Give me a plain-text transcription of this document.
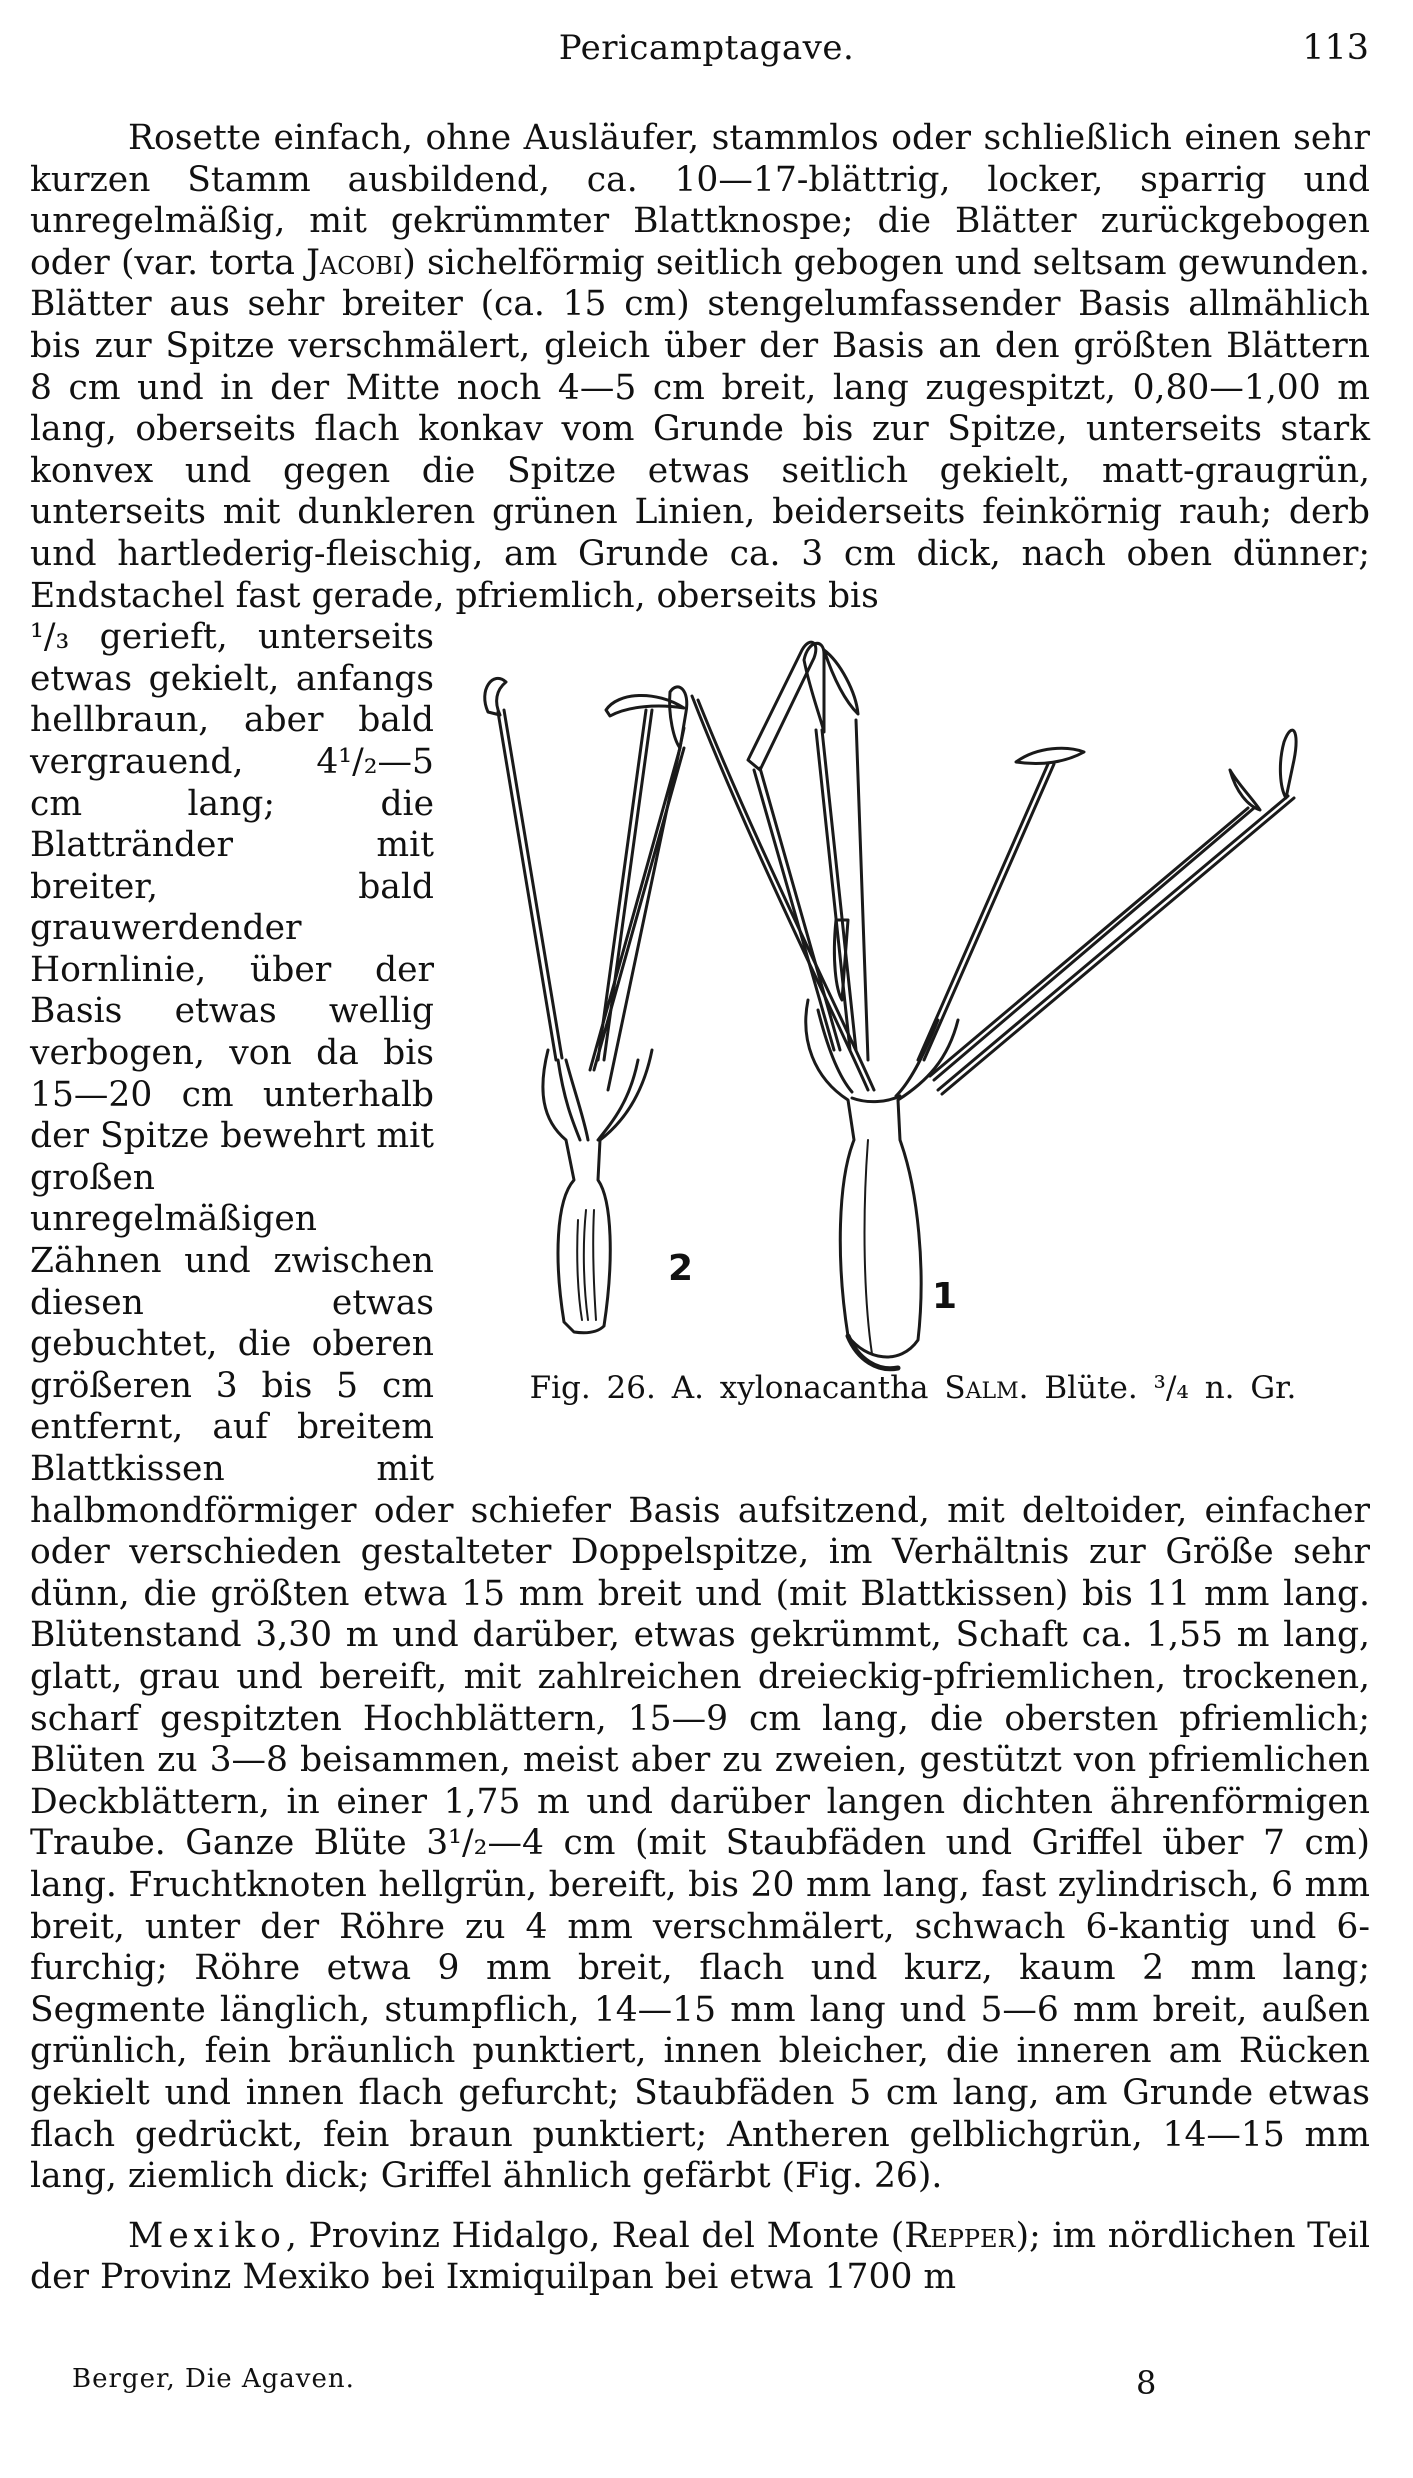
Pericamptagave.	113

Rosette einfach, ohne Ausläufer, stammlos oder schließlich einen sehr kurzen Stamm ausbildend, ca. 10—17-blättrig, locker, sparrig und unregelmäßig, mit gekrümmter Blattknospe; die Blätter zurückgebogen oder (var. torta Jacobi) sichelförmig seitlich gebogen und seltsam gewunden. Blätter aus sehr breiter (ca. 15 cm) stengelumfassender Basis allmählich bis zur Spitze verschmälert, gleich über der Basis an den größten Blättern 8 cm und in der Mitte noch 4—5 cm breit, lang zugespitzt, 0,80—1,00 m lang, oberseits flach konkav vom Grunde bis zur Spitze, unterseits stark konvex und gegen die Spitze etwas seitlich gekielt, matt-graugrün, unterseits mit dunkleren grünen Linien, beiderseits feinkörnig rauh; derb und hartlederig-fleischig, am Grunde ca. 3 cm dick, nach oben dünner; Endstachel fast gerade, pfriemlich, oberseits bis

2
1
Fig. 26. A. xylonacantha Salm. Blüte. ³/₄ n. Gr.
¹/₃ gerieft, unterseits etwas gekielt, anfangs hellbraun, aber bald vergrauend, 4¹/₂—5 cm lang; die Blattränder mit breiter, bald grauwerdender Hornlinie, über der Basis etwas wellig verbogen, von da bis 15—20 cm unterhalb der Spitze bewehrt mit großen unregelmäßigen Zähnen und zwischen diesen etwas gebuchtet, die oberen größeren 3 bis 5 cm entfernt, auf breitem Blattkissen mit halbmondförmiger oder schiefer Basis aufsitzend, mit deltoider, einfacher oder verschieden gestalteter Doppelspitze, im Verhältnis zur Größe sehr dünn, die größten etwa 15 mm breit und (mit Blattkissen) bis 11 mm lang. Blütenstand 3,30 m und darüber, etwas gekrümmt, Schaft ca. 1,55 m lang, glatt, grau und bereift, mit zahlreichen dreieckig-pfriemlichen, trockenen, scharf gespitzten Hochblättern, 15—9 cm lang, die obersten pfriemlich; Blüten zu 3—8 beisammen, meist aber zu zweien, gestützt von pfriemlichen Deckblättern, in einer 1,75 m und darüber langen dichten ährenförmigen Traube. Ganze Blüte 3¹/₂—4 cm (mit Staubfäden und Griffel über 7 cm) lang. Fruchtknoten hellgrün, bereift, bis 20 mm lang, fast zylindrisch, 6 mm breit, unter der Röhre zu 4 mm verschmälert, schwach 6-kantig und 6-furchig; Röhre etwa 9 mm breit, flach und kurz, kaum 2 mm lang; Segmente länglich, stumpflich, 14—15 mm lang und 5—6 mm breit, außen grünlich, fein bräunlich punktiert, innen bleicher, die inneren am Rücken gekielt und innen flach gefurcht; Staubfäden 5 cm lang, am Grunde etwas flach gedrückt, fein braun punktiert; Antheren gelblichgrün, 14—15 mm lang, ziemlich dick; Griffel ähnlich gefärbt (Fig. 26).

Mexiko, Provinz Hidalgo, Real del Monte (Repper); im nördlichen Teil der Provinz Mexiko bei Ixmiquilpan bei etwa 1700 m

Berger, Die Agaven.	8
